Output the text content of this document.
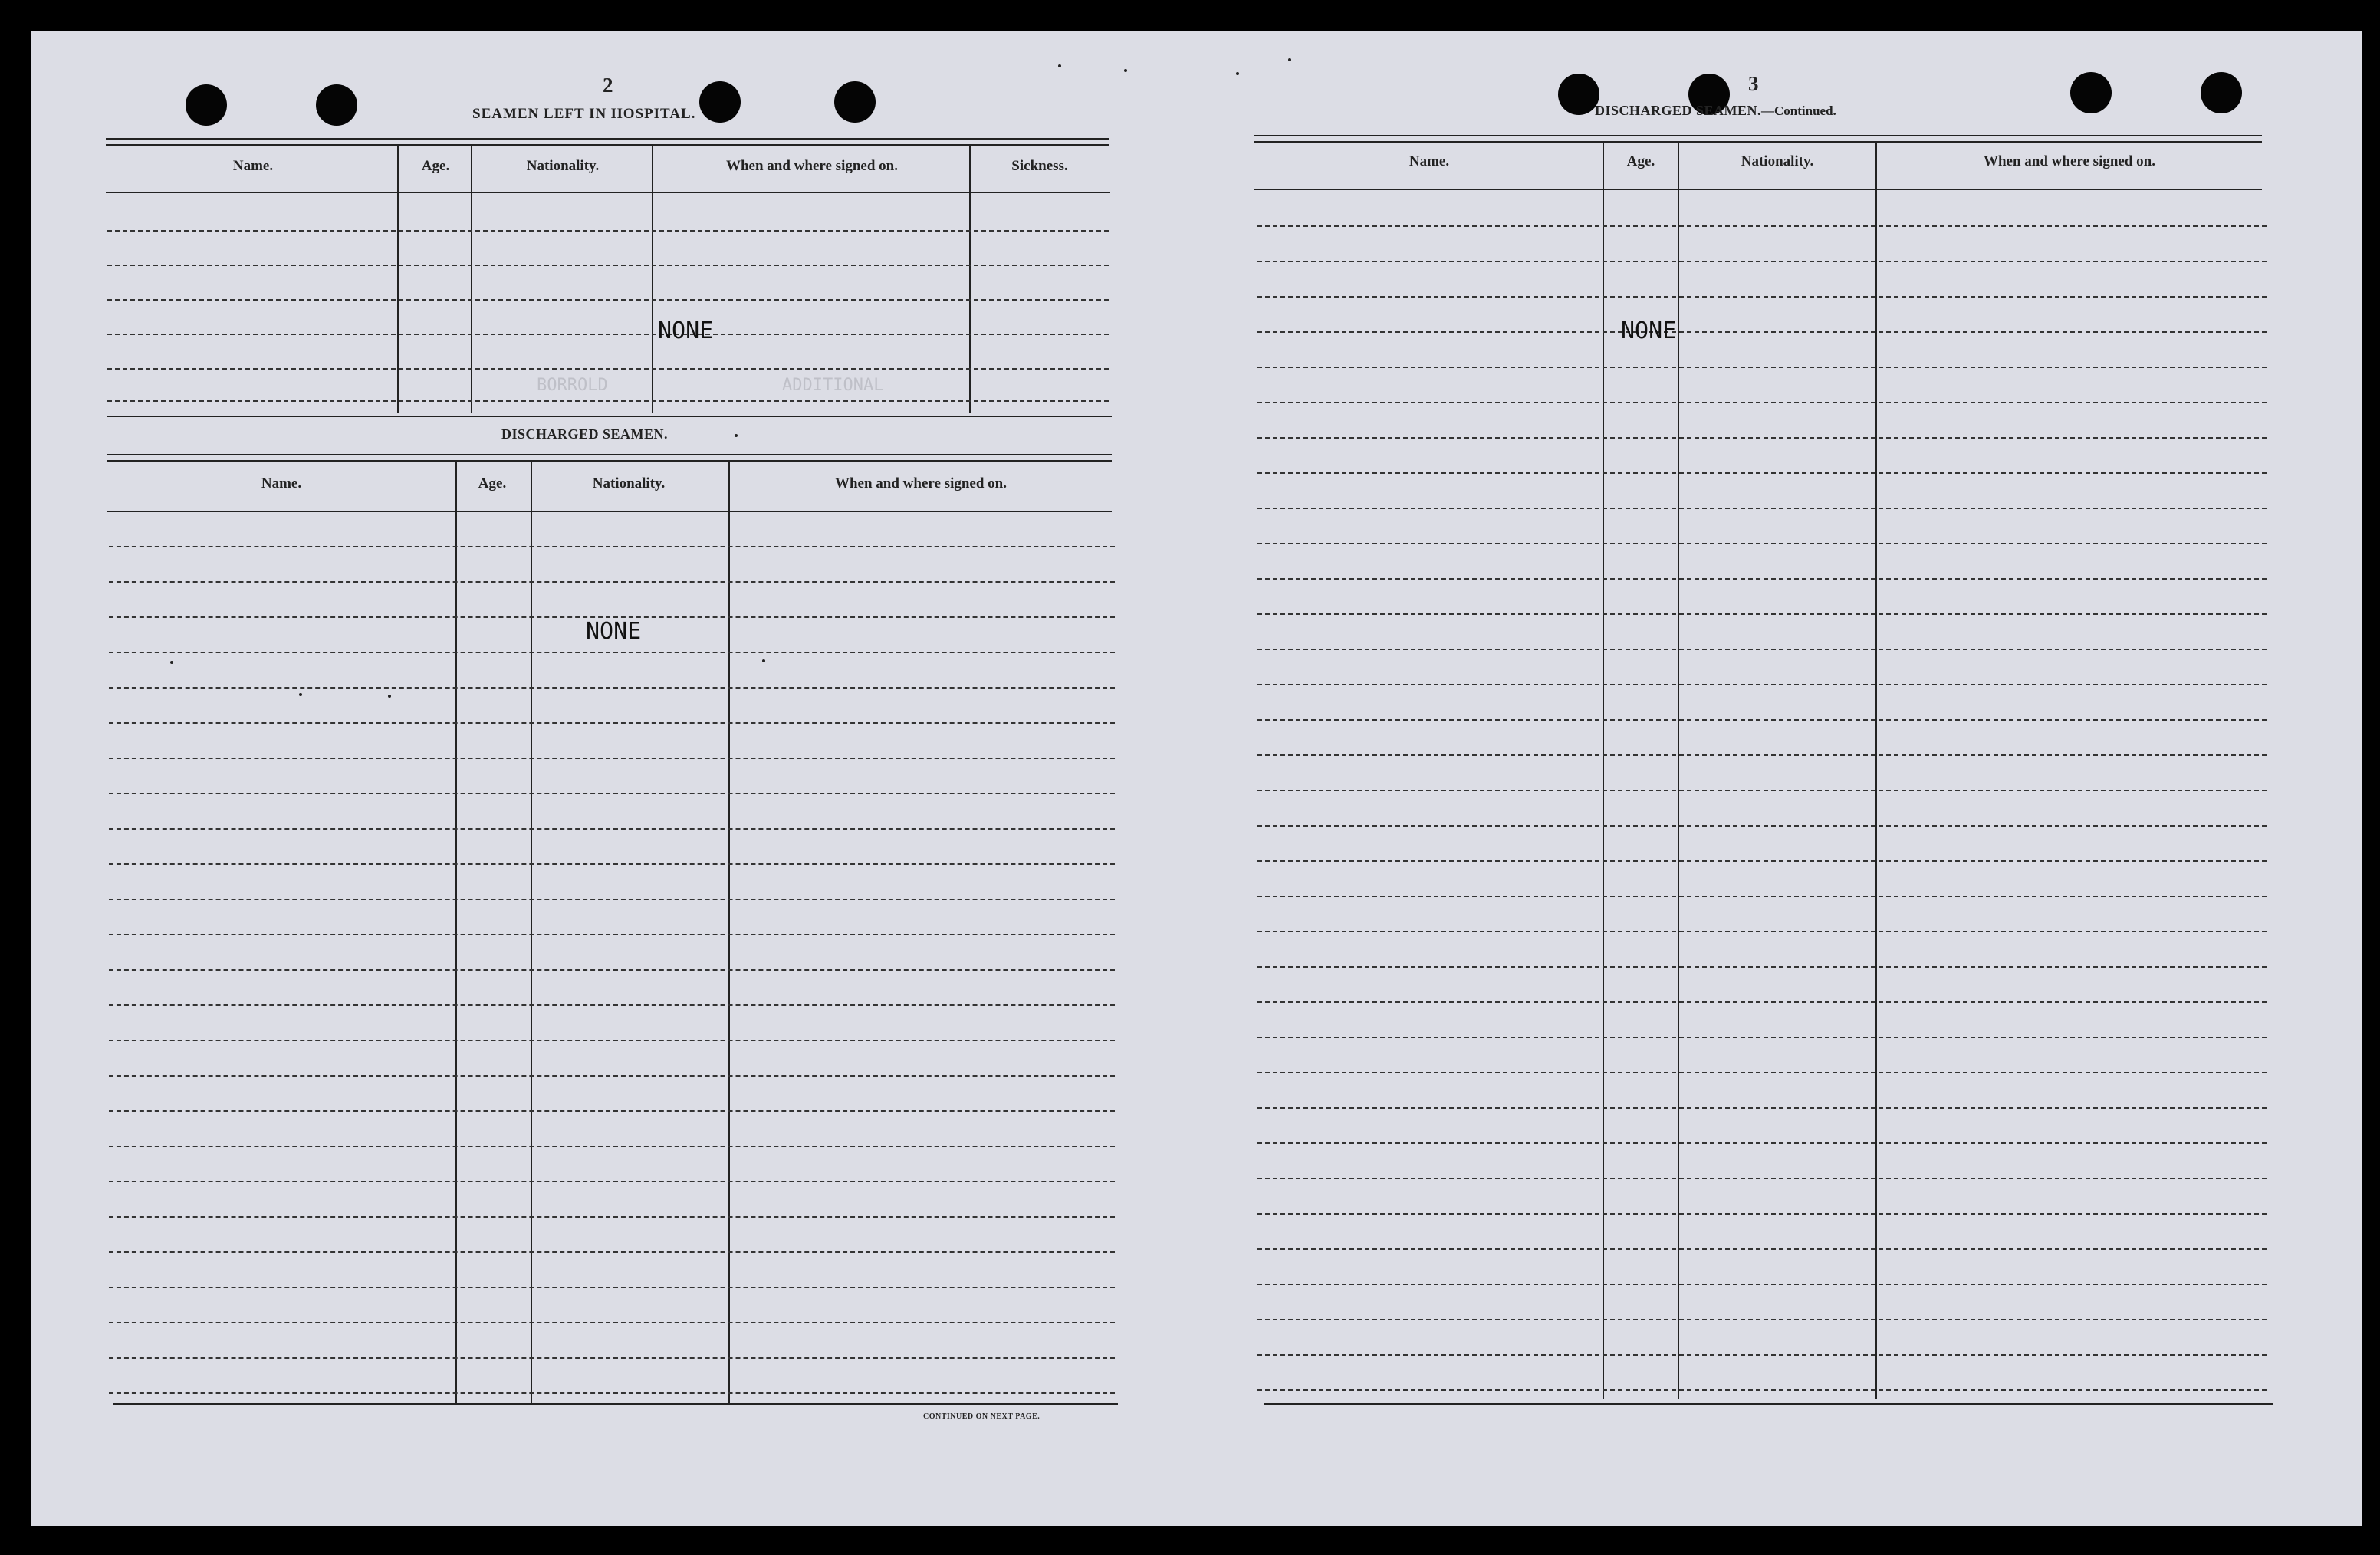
ADDITIONAL
BORROLD
2
SEAMEN LEFT IN HOSPITAL.
Name.	Age.	Nationality.	When and where signed on.	Sickness.
NONE
DISCHARGED SEAMEN.
Name.	Age.	Nationality.	When and where signed on.
NONE
CONTINUED ON NEXT PAGE.
3
DISCHARGED SEAMEN.—Continued.
Name.	Age.	Nationality.	When and where signed on.
NONE
